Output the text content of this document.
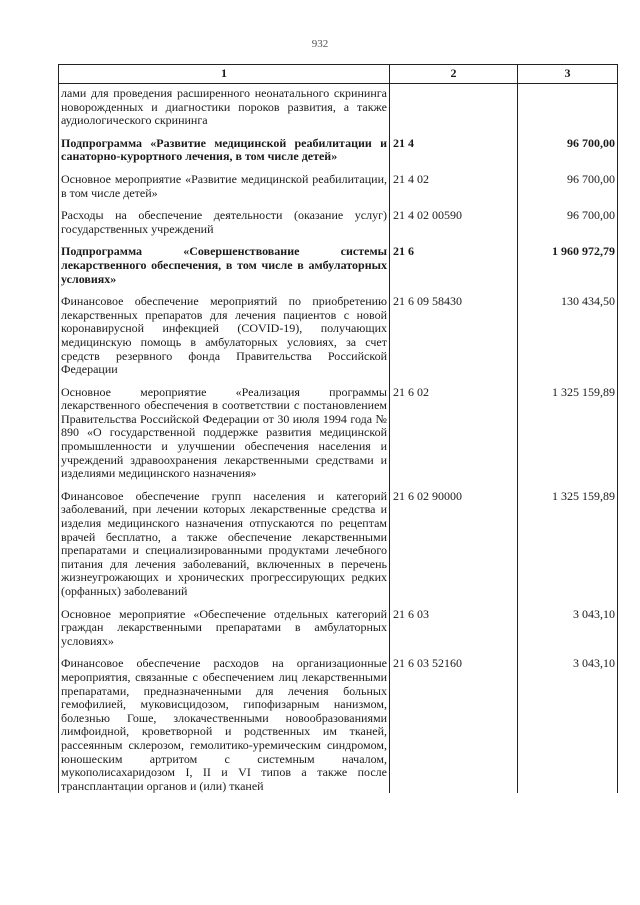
932
1	2	3
лами для проведения расширенного неонатального скрининга новорожденных и диагностики пороков развития, а также аудиологического скрининга		
Подпрограмма «Развитие медицинской реабилитации и санаторно-курортного лечения, в том числе детей»	21 4	96 700,00
Основное мероприятие «Развитие медицинской реабилитации, в том числе детей»	21 4 02	96 700,00
Расходы на обеспечение деятельности (оказание услуг) государственных учреждений	21 4 02 00590	96 700,00
Подпрограмма «Совершенствование системы лекарственного обеспечения, в том числе в амбулаторных условиях»	21 6	1 960 972,79
Финансовое обеспечение мероприятий по приобретению лекарственных препаратов для лечения пациентов с новой коронавирусной инфекцией (COVID-19), получающих медицинскую помощь в амбулаторных условиях, за счет средств резервного фонда Правительства Российской Федерации	21 6 09 58430	130 434,50
Основное мероприятие «Реализация программы лекарственного обеспечения в соответствии с постановлением Правительства Российской Федерации от 30 июля 1994 года № 890 «О государственной поддержке развития медицинской промышленности и улучшении обеспечения населения и учреждений здравоохранения лекарственными средствами и изделиями медицинского назначения»	21 6 02	1 325 159,89
Финансовое обеспечение групп населения и категорий заболеваний, при лечении которых лекарственные средства и изделия медицинского назначения отпускаются по рецептам врачей бесплатно, а также обеспечение лекарственными препаратами и специализированными продуктами лечебного питания для лечения заболеваний, включенных в перечень жизнеугрожающих и хронических прогрессирующих редких (орфанных) заболеваний	21 6 02 90000	1 325 159,89
Основное мероприятие «Обеспечение отдельных категорий граждан лекарственными препаратами в амбулаторных условиях»	21 6 03	3 043,10
Финансовое обеспечение расходов на организационные мероприятия, связанные с обеспечением лиц лекарственными препаратами, предназначенными для лечения больных гемофилией, муковисцидозом, гипофизарным нанизмом, болезнью Гоше, злокачественными новообразованиями лимфоидной, кроветворной и родственных им тканей, рассеянным склерозом, гемолитико-уремическим синдромом, юношеским артритом с системным началом, мукополисахаридозом I, II и VI типов а также после трансплантации органов и (или) тканей	21 6 03 52160	3 043,10
